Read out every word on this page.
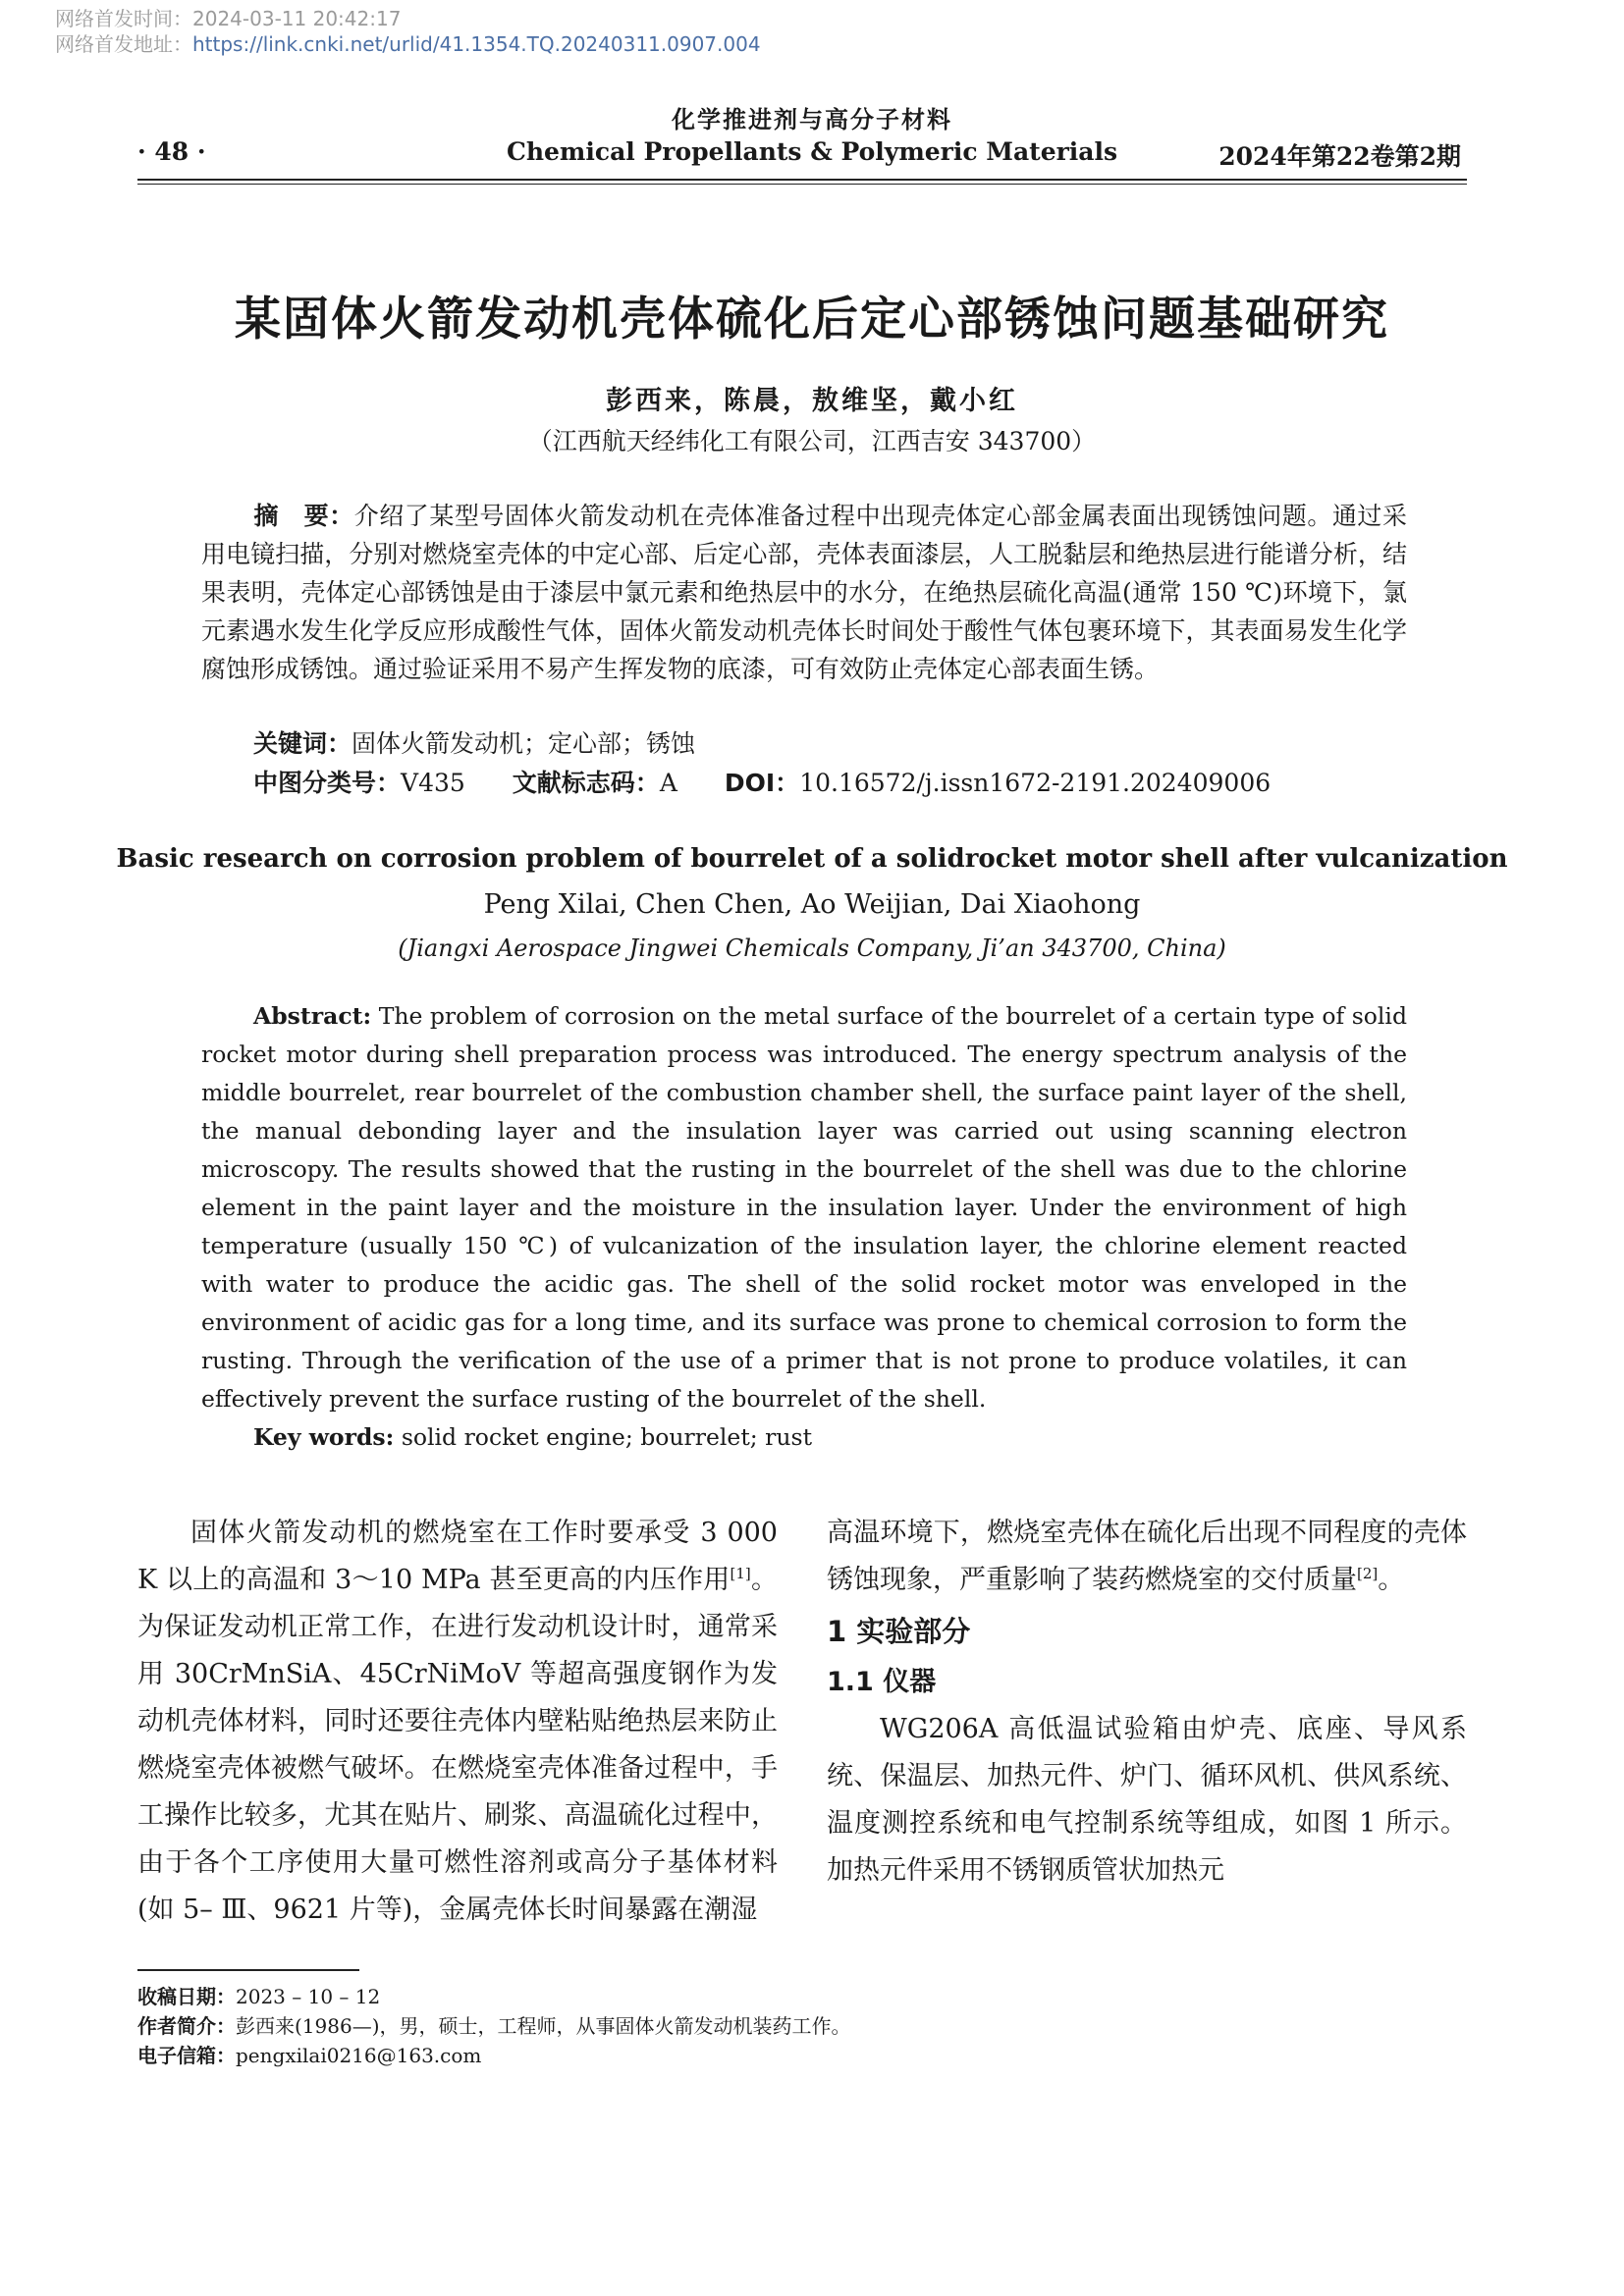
网络首发时间：2024-03-11 20:42:17
网络首发地址：https://link.cnki.net/urlid/41.1354.TQ.20240311.0907.004
化学推进剂与高分子材料
· 48 ·	Chemical Propellants & Polymeric Materials	2024年第22卷第2期
某固体火箭发动机壳体硫化后定心部锈蚀问题基础研究
彭西来，陈晨，敖维坚，戴小红
（江西航天经纬化工有限公司，江西吉安 343700）
摘　要：介绍了某型号固体火箭发动机在壳体准备过程中出现壳体定心部金属表面出现锈蚀问题。通过采用电镜扫描，分别对燃烧室壳体的中定心部、后定心部，壳体表面漆层，人工脱黏层和绝热层进行能谱分析，结果表明，壳体定心部锈蚀是由于漆层中氯元素和绝热层中的水分，在绝热层硫化高温(通常 150 ℃)环境下，氯元素遇水发生化学反应形成酸性气体，固体火箭发动机壳体长时间处于酸性气体包裹环境下，其表面易发生化学腐蚀形成锈蚀。通过验证采用不易产生挥发物的底漆，可有效防止壳体定心部表面生锈。
关键词：固体火箭发动机；定心部；锈蚀
中图分类号：V435 文献标志码：A DOI：10.16572/j.issn1672-2191.202409006
Basic research on corrosion problem of bourrelet of a solidrocket motor shell after vulcanization
Peng Xilai, Chen Chen, Ao Weijian, Dai Xiaohong
(Jiangxi Aerospace Jingwei Chemicals Company, Ji’an 343700, China)
Abstract: The problem of corrosion on the metal surface of the bourrelet of a certain type of solid rocket motor during shell preparation process was introduced. The energy spectrum analysis of the middle bourrelet, rear bourrelet of the combustion chamber shell, the surface paint layer of the shell, the manual debonding layer and the insulation layer was carried out using scanning electron microscopy. The results showed that the rusting in the bourrelet of the shell was due to the chlorine element in the paint layer and the moisture in the insulation layer. Under the environment of high temperature (usually 150 ℃) of vulcanization of the insulation layer, the chlorine element reacted with water to produce the acidic gas. The shell of the solid rocket motor was enveloped in the environment of acidic gas for a long time, and its surface was prone to chemical corrosion to form the rusting. Through the verification of the use of a primer that is not prone to produce volatiles, it can effectively prevent the surface rusting of the bourrelet of the shell.
Key words: solid rocket engine; bourrelet; rust

固体火箭发动机的燃烧室在工作时要承受 3 000 K 以上的高温和 3～10 MPa 甚至更高的内压作用[1]。为保证发动机正常工作，在进行发动机设计时，通常采用 30CrMnSiA、45CrNiMoV 等超高强度钢作为发动机壳体材料，同时还要往壳体内壁粘贴绝热层来防止燃烧室壳体被燃气破坏。在燃烧室壳体准备过程中，手工操作比较多，尤其在贴片、刷浆、高温硫化过程中，由于各个工序使用大量可燃性溶剂或高分子基体材料(如 5– Ⅲ、9621 片等)，金属壳体长时间暴露在潮湿

高温环境下，燃烧室壳体在硫化后出现不同程度的壳体锈蚀现象，严重影响了装药燃烧室的交付质量[2]。

1 实验部分
1.1 仪器

WG206A 高低温试验箱由炉壳、底座、导风系统、保温层、加热元件、炉门、循环风机、供风系统、温度测控系统和电气控制系统等组成，如图 1 所示。加热元件采用不锈钢质管状加热元

收稿日期：2023 – 10 – 12
作者简介：彭西来(1986—)，男，硕士，工程师，从事固体火箭发动机装药工作。
电子信箱：pengxilai0216@163.com
